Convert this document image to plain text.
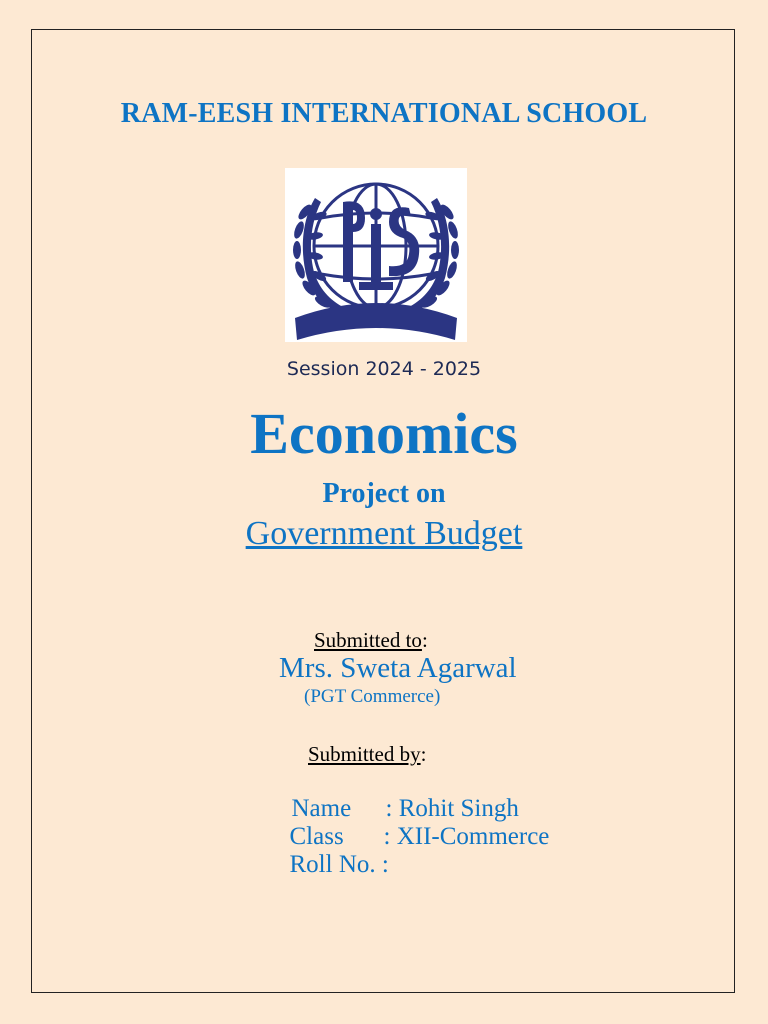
RAM-EESH INTERNATIONAL SCHOOL
Session 2024 - 2025
Economics
Project on
Government Budget
Submitted to:
Mrs. Sweta Agarwal
(PGT Commerce)
Submitted by:

Name : Rohit Singh

Class : XII-Commerce

Roll No. :
